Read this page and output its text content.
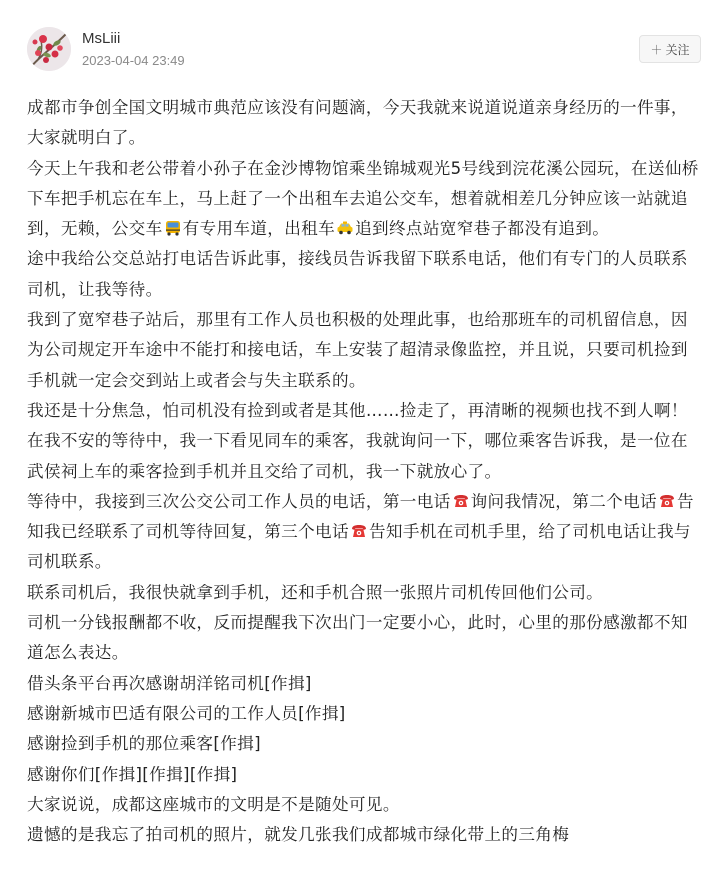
MsLiii
2023-04-04 23:49
＋ 关注

成都市争创全国文明城市典范应该没有问题滴，今天我就来说道说道亲身经历的一件事，大家就明白了。

今天上午我和老公带着小孙子在金沙博物馆乘坐锦城观光5号线到浣花溪公园玩，在送仙桥下车把手机忘在车上，马上赶了一个出租车去追公交车，想着就相差几分钟应该一站就追到，无赖，公交车 有专用车道，出租车 追到终点站宽窄巷子都没有追到。

途中我给公交总站打电话告诉此事，接线员告诉我留下联系电话，他们有专门的人员联系司机，让我等待。

我到了宽窄巷子站后，那里有工作人员也积极的处理此事，也给那班车的司机留信息，因为公司规定开车途中不能打和接电话，车上安装了超清录像监控，并且说，只要司机捡到手机就一定会交到站上或者会与失主联系的。

我还是十分焦急，怕司机没有捡到或者是其他……捡走了，再清晰的视频也找不到人啊！在我不安的等待中，我一下看见同车的乘客，我就询问一下，哪位乘客告诉我，是一位在武侯祠上车的乘客捡到手机并且交给了司机，我一下就放心了。

等待中，我接到三次公交公司工作人员的电话，第一电话 询问我情况，第二个电话 告知我已经联系了司机等待回复，第三个电话 告知手机在司机手里，给了司机电话让我与司机联系。

联系司机后，我很快就拿到手机，还和手机合照一张照片司机传回他们公司。

司机一分钱报酬都不收，反而提醒我下次出门一定要小心，此时，心里的那份感激都不知道怎么表达。

借头条平台再次感谢胡洋铭司机[作揖]

感谢新城市巴适有限公司的工作人员[作揖]

感谢捡到手机的那位乘客[作揖]

感谢你们[作揖][作揖][作揖]

大家说说，成都这座城市的文明是不是随处可见。

遗憾的是我忘了拍司机的照片，就发几张我们成都城市绿化带上的三角梅
